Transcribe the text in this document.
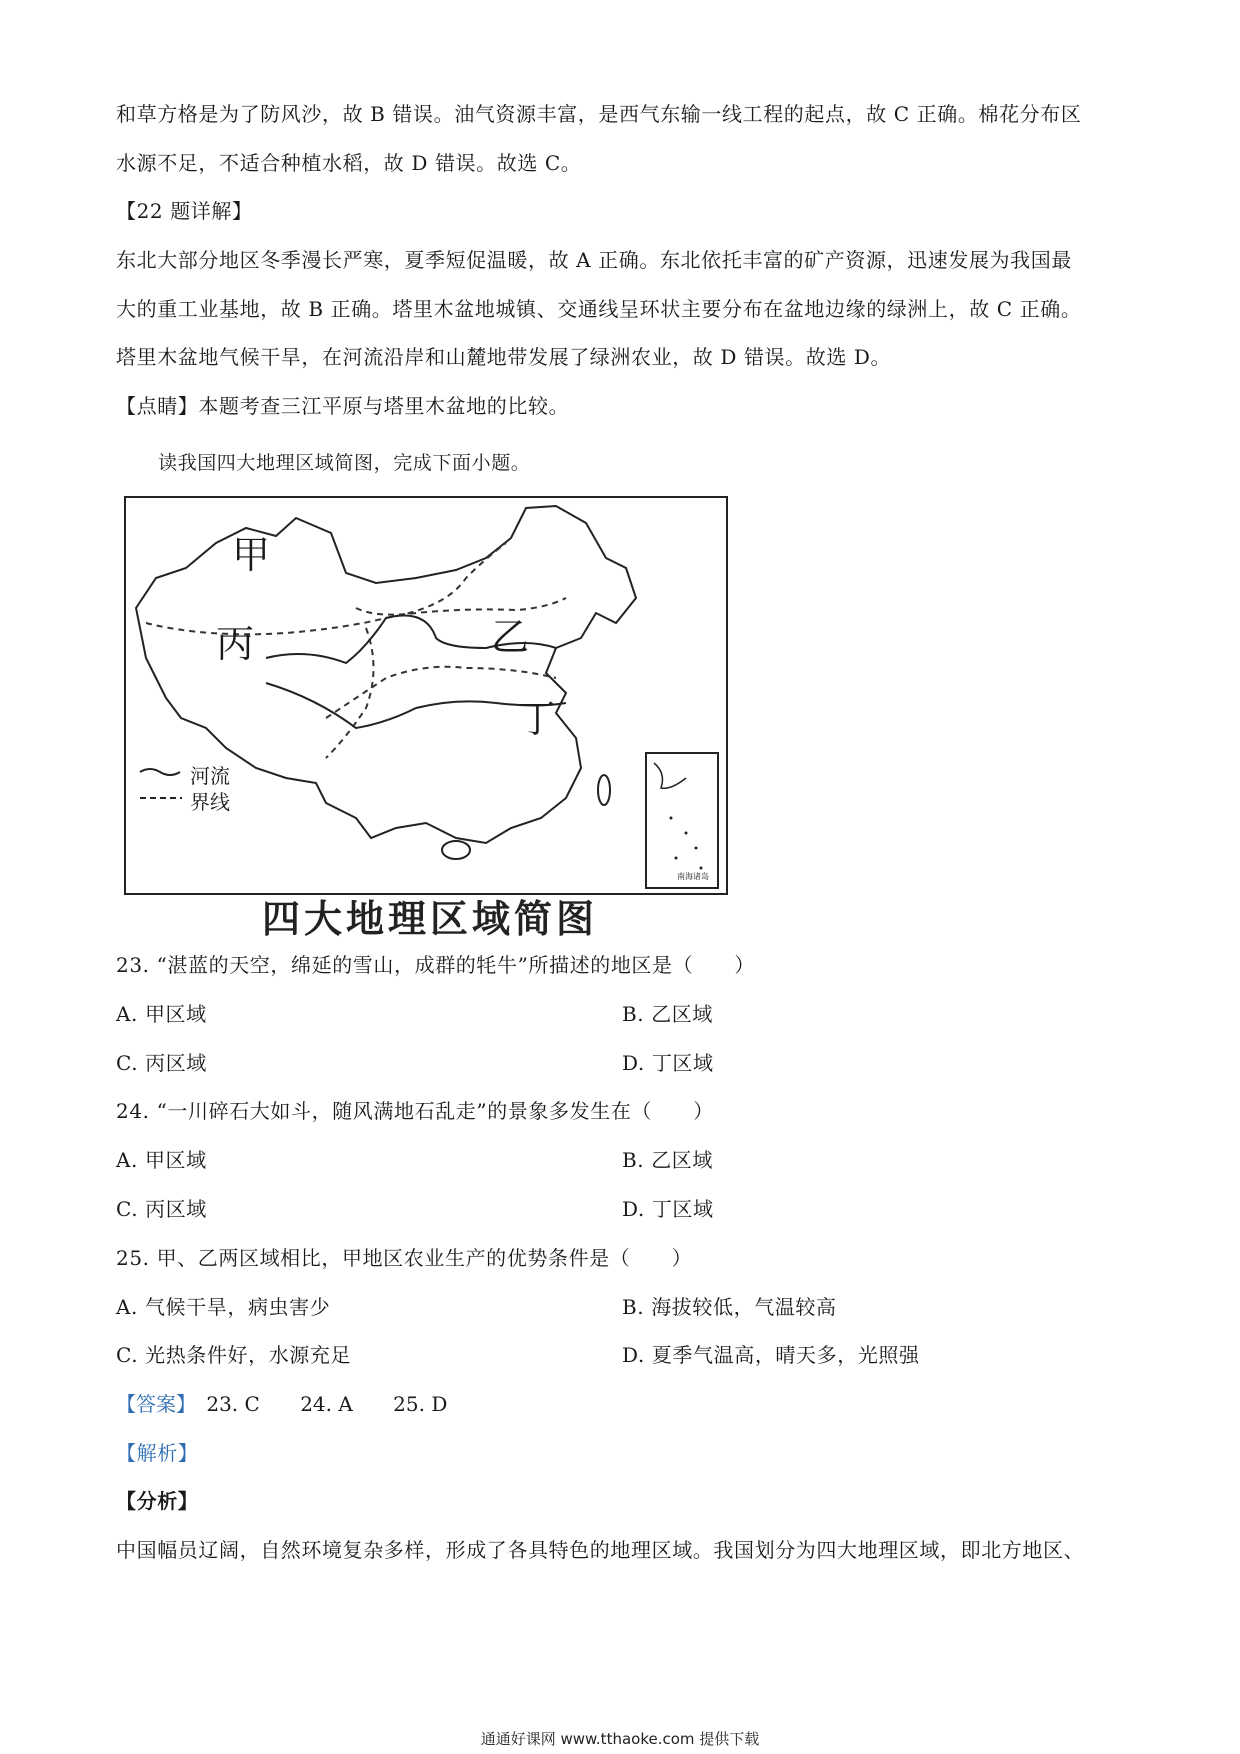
和草方格是为了防风沙，故 B 错误。油气资源丰富，是西气东输一线工程的起点，故 C 正确。棉花分布区
水源不足，不适合种植水稻，故 D 错误。故选 C。
【22 题详解】
东北大部分地区冬季漫长严寒，夏季短促温暖，故 A 正确。东北依托丰富的矿产资源，迅速发展为我国最
大的重工业基地，故 B 正确。塔里木盆地城镇、交通线呈环状主要分布在盆地边缘的绿洲上，故 C 正确。
塔里木盆地气候干旱，在河流沿岸和山麓地带发展了绿洲农业，故 D 错误。故选 D。
【点睛】本题考查三江平原与塔里木盆地的比较。
读我国四大地理区域简图，完成下面小题。
甲
乙
丙
丁
河流
界线
南海诸岛
四大地理区域简图
23. “湛蓝的天空，绵延的雪山，成群的牦牛”所描述的地区是（　　）
A. 甲区域	B. 乙区域
C. 丙区域	D. 丁区域
24. “一川碎石大如斗，随风满地石乱走”的景象多发生在（　　）
A. 甲区域	B. 乙区域
C. 丙区域	D. 丁区域
25. 甲、乙两区域相比，甲地区农业生产的优势条件是（　　）
A. 气候干旱，病虫害少	B. 海拔较低，气温较高
C. 光热条件好，水源充足	D. 夏季气温高，晴天多，光照强
【答案】 23. C 24. A 25. D
【解析】
【分析】
中国幅员辽阔，自然环境复杂多样，形成了各具特色的地理区域。我国划分为四大地理区域，即北方地区、
通通好课网 www.tthaoke.com 提供下载
